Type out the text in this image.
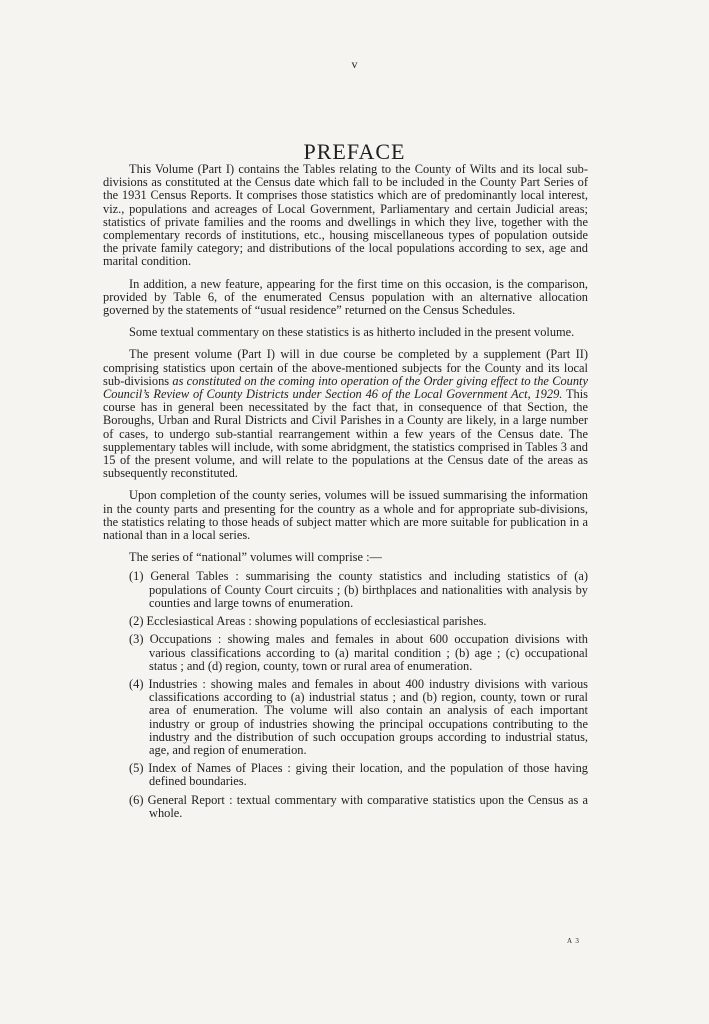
v
PREFACE

This Volume (Part I) contains the Tables relating to the County of Wilts and its local sub-divisions as constituted at the Census date which fall to be included in the County Part Series of the 1931 Census Reports. It comprises those statistics which are of predominantly local interest, viz., populations and acreages of Local Government, Parliamentary and certain Judicial areas; statistics of private families and the rooms and dwellings in which they live, together with the complementary records of institutions, etc., housing miscellaneous types of population outside the private family category; and distributions of the local populations according to sex, age and marital condition.

In addition, a new feature, appearing for the first time on this occasion, is the comparison, provided by Table 6, of the enumerated Census population with an alternative allocation governed by the statements of “usual residence” returned on the Census Schedules.

Some textual commentary on these statistics is as hitherto included in the present volume.

The present volume (Part I) will in due course be completed by a supplement (Part II) comprising statistics upon certain of the above-mentioned subjects for the County and its local sub-divisions as constituted on the coming into operation of the Order giving effect to the County Council’s Review of County Districts under Section 46 of the Local Government Act, 1929. This course has in general been necessitated by the fact that, in consequence of that Section, the Boroughs, Urban and Rural Districts and Civil Parishes in a County are likely, in a large number of cases, to undergo sub-stantial rearrangement within a few years of the Census date. The supplementary tables will include, with some abridgment, the statistics comprised in Tables 3 and 15 of the present volume, and will relate to the populations at the Census date of the areas as subsequently reconstituted.

Upon completion of the county series, volumes will be issued summarising the information in the county parts and presenting for the country as a whole and for appropriate sub-divisions, the statistics relating to those heads of subject matter which are more suitable for publication in a national than in a local series.

The series of “national” volumes will comprise :—

(1) General Tables : summarising the county statistics and including statistics of (a) populations of County Court circuits ; (b) birthplaces and nationalities with analysis by counties and large towns of enumeration.
(2) Ecclesiastical Areas : showing populations of ecclesiastical parishes.
(3) Occupations : showing males and females in about 600 occupation divisions with various classifications according to (a) marital condition ; (b) age ; (c) occupational status ; and (d) region, county, town or rural area of enumeration.
(4) Industries : showing males and females in about 400 industry divisions with various classifications according to (a) industrial status ; and (b) region, county, town or rural area of enumeration. The volume will also contain an analysis of each important industry or group of industries showing the principal occupations contributing to the industry and the distribution of such occupation groups according to industrial status, age, and region of enumeration.
(5) Index of Names of Places : giving their location, and the population of those having defined boundaries.
(6) General Report : textual commentary with comparative statistics upon the Census as a whole.
A 3
